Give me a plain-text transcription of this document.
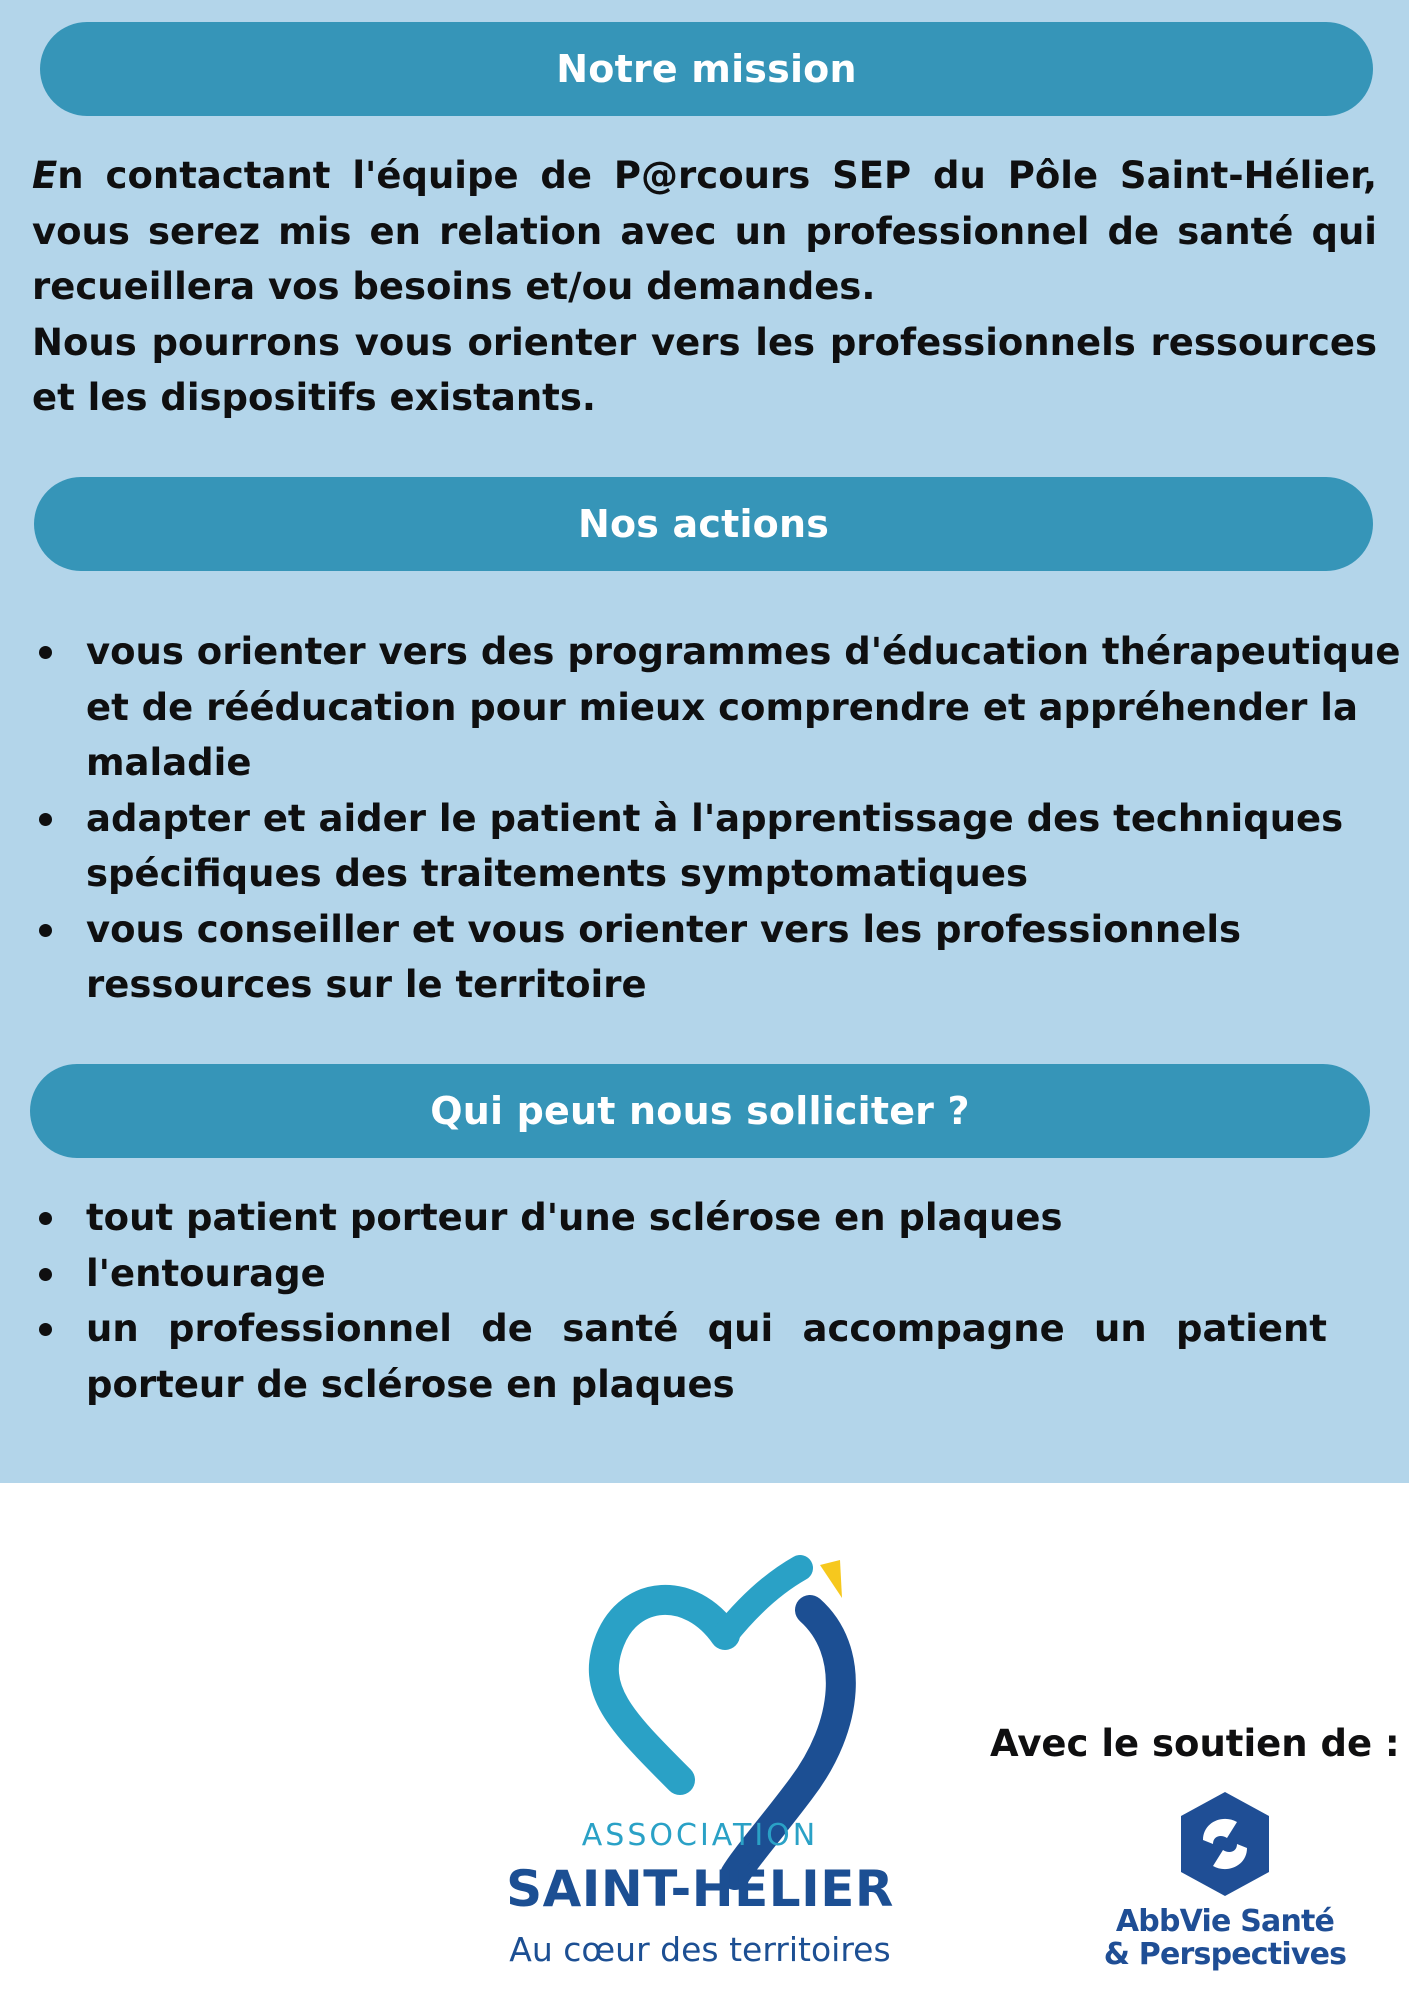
Notre mission

En contactant l'équipe de P@rcours SEP du Pôle Saint-Hélier, vous serez mis en relation avec un professionnel de santé qui recueillera vos besoins et/ou demandes.

Nous pourrons vous orienter vers les professionnels ressources et les dispositifs existants.

Nos actions
vous orienter vers des programmes d'éducation thérapeutique et de rééducation pour mieux comprendre et appréhender la maladie
adapter et aider le patient à l'apprentissage des techniques spécifiques des traitements symptomatiques
vous conseiller et vous orienter vers les professionnels ressources sur le territoire
Qui peut nous solliciter ?
tout patient porteur d'une sclérose en plaques
l'entourage
un professionnel de santé qui accompagne un patient porteur de sclérose en plaques
ASSOCIATION
SAINT-HÉLIER
Au cœur des territoires
Avec le soutien de :
AbbVie Santé
& Perspectives
